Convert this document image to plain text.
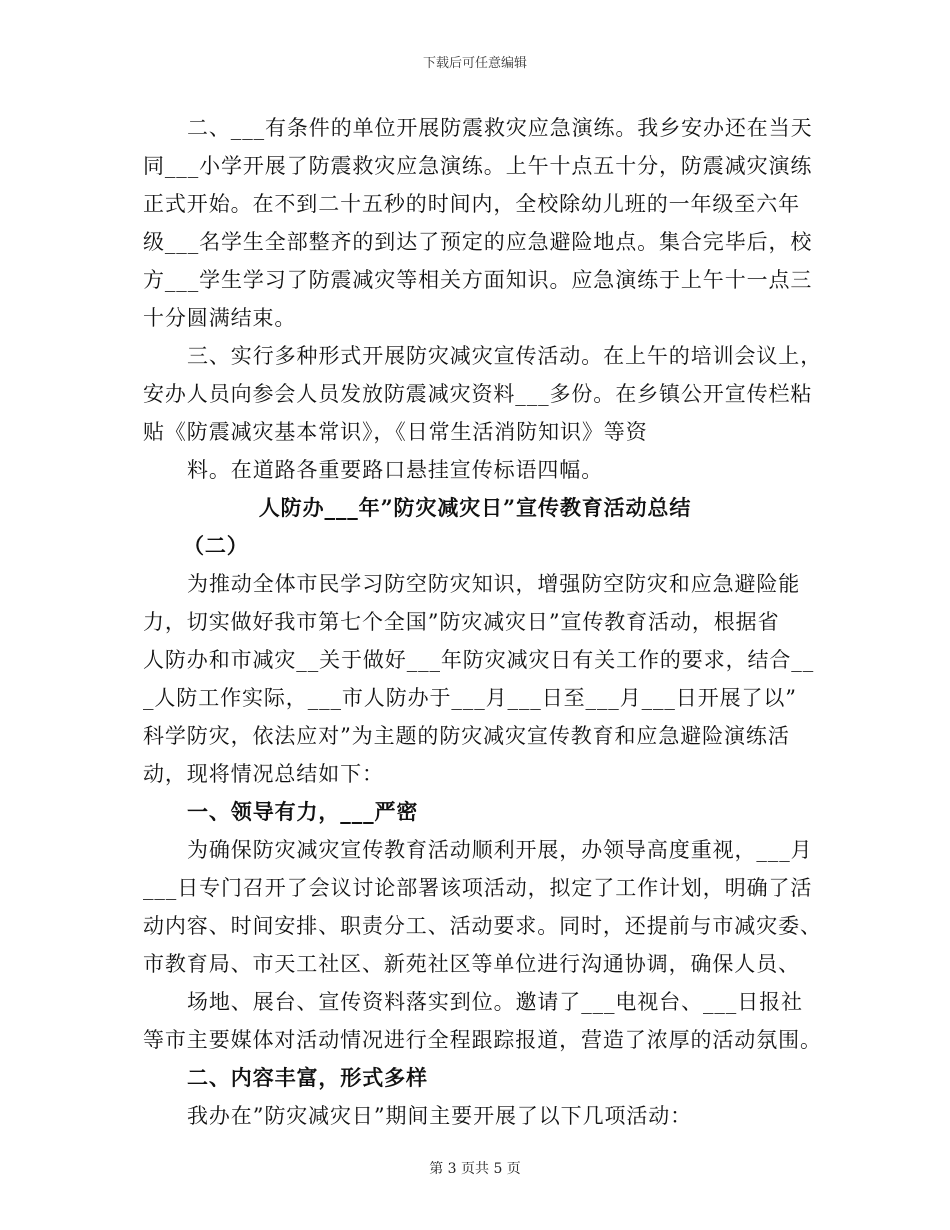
下载后可任意编辑
二、___有条件的单位开展防震救灾应急演练。我乡安办还在当天
同___小学开展了防震救灾应急演练。上午十点五十分，防震减灾演练
正式开始。在不到二十五秒的时间内，全校除幼儿班的一年级至六年
级___名学生全部整齐的到达了预定的应急避险地点。集合完毕后，校
方___学生学习了防震减灾等相关方面知识。应急演练于上午十一点三
十分圆满结束。
三、实行多种形式开展防灾减灾宣传活动。在上午的培训会议上，
安办人员向参会人员发放防震减灾资料___多份。在乡镇公开宣传栏粘
贴《防震减灾基本常识》，《日常生活消防知识》等资
料。在道路各重要路口悬挂宣传标语四幅。
人防办___年”防灾减灾日”宣传教育活动总结
（二）
为推动全体市民学习防空防灾知识，增强防空防灾和应急避险能
力，切实做好我市第七个全国”防灾减灾日”宣传教育活动，根据省
人防办和市减灾__关于做好___年防灾减灾日有关工作的要求，结合__
_人防工作实际，___市人防办于___月___日至___月___日开展了以”
科学防灾，依法应对”为主题的防灾减灾宣传教育和应急避险演练活
动，现将情况总结如下：
一、领导有力，___严密
为确保防灾减灾宣传教育活动顺利开展，办领导高度重视，___月
___日专门召开了会议讨论部署该项活动，拟定了工作计划，明确了活
动内容、时间安排、职责分工、活动要求。同时，还提前与市减灾委、
市教育局、市天工社区、新苑社区等单位进行沟通协调，确保人员、
场地、展台、宣传资料落实到位。邀请了___电视台、___日报社
等市主要媒体对活动情况进行全程跟踪报道，营造了浓厚的活动氛围。
二、内容丰富，形式多样
我办在”防灾减灾日”期间主要开展了以下几项活动：
第 3 页共 5 页
